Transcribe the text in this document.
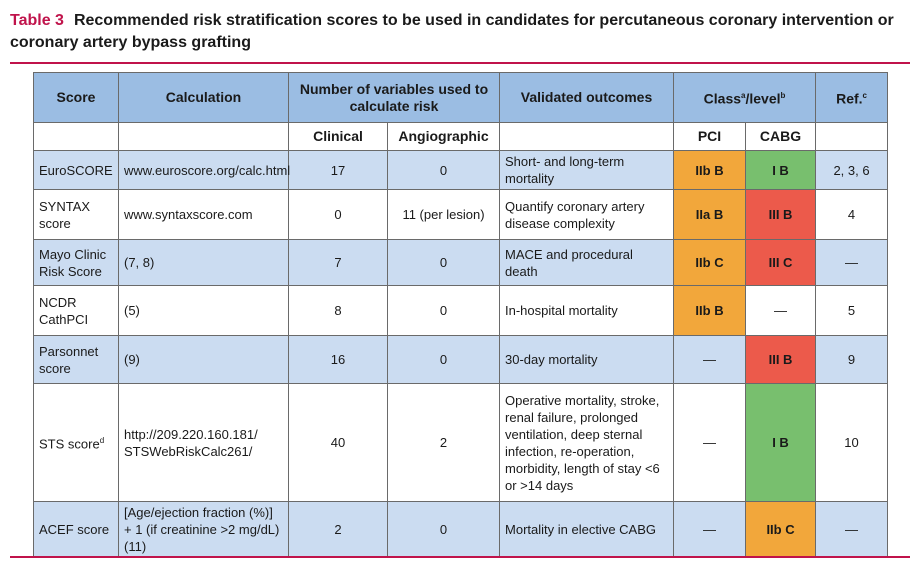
Table 3 Recommended risk stratification scores to be used in candidates for percutaneous coronary intervention or coronary artery bypass grafting
Score	Calculation	Number of variables used to calculate risk		Validated outcomes	Class$^a$/level$^b$		Ref.$^c$
		Clinical	Angiographic		PCI	CABG	
EuroSCORE	www.euroscore.org/calc.html	17	0	Short- and long-term mortality	IIb B	I B	2, 3, 6
SYNTAX score	www.syntaxscore.com	0	11 (per lesion)	Quantify coronary artery disease complexity	IIa B	III B	4
Mayo Clinic Risk Score	(7, 8)	7	0	MACE and procedural death	IIb C	III C	—
NCDR CathPCI	(5)	8	0	In-hospital mortality	IIb B	—	5
Parsonnet score	(9)	16	0	30-day mortality	—	III B	9
STS score$^d$	http://209.220.160.181/ STSWebRiskCalc261/	40	2	Operative mortality, stroke, renal failure, prolonged ventilation, deep sternal infection, re-operation, morbidity, length of stay <6 or >14 days	—	I B	10
ACEF score	[Age/ejection fraction (%)] + 1 (if creatinine >2 mg/dL)(11)	2	0	Mortality in elective CABG	—	IIb C	—
